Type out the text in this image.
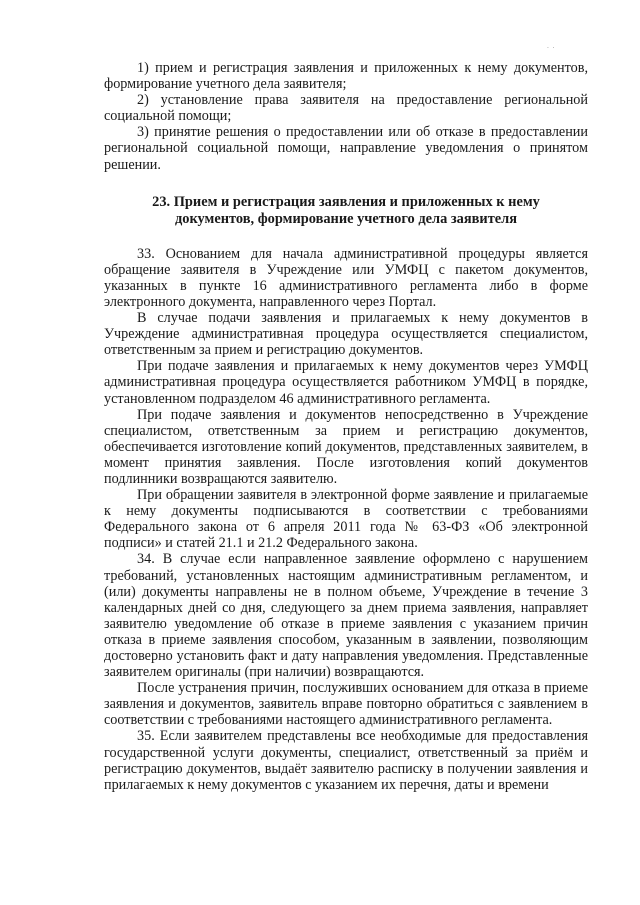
·  ·

1) прием и регистрация заявления и приложенных к нему документов, формирование учетного дела заявителя;

2) установление права заявителя на предоставление региональной социальной помощи;

3) принятие решения о предоставлении или об отказе в предоставлении региональной социальной помощи, направление уведомления о принятом решении.

23. Прием и регистрация заявления и приложенных к нему
документов, формирование учетного дела заявителя

33. Основанием для начала административной процедуры является обращение заявителя в Учреждение или УМФЦ с пакетом документов, указанных в пункте 16 административного регламента либо в форме электронного документа, направленного через Портал.

В случае подачи заявления и прилагаемых к нему документов в Учреждение административная процедура осуществляется специалистом, ответственным за прием и регистрацию документов.

При подаче заявления и прилагаемых к нему документов через УМФЦ административная процедура осуществляется работником УМФЦ в порядке, установленном подразделом 46 административного регламента.

При подаче заявления и документов непосредственно в Учреждение специалистом, ответственным за прием и регистрацию документов, обеспечивается изготовление копий документов, представленных заявителем, в момент принятия заявления. После изготовления копий документов подлинники возвращаются заявителю.

При обращении заявителя в электронной форме заявление и прилагаемые к нему документы подписываются в соответствии с требованиями Федерального закона от 6 апреля 2011 года № 63-ФЗ «Об электронной подписи» и статей 21.1 и 21.2 Федерального закона.

34. В случае если направленное заявление оформлено с нарушением требований, установленных настоящим административным регламентом, и (или) документы направлены не в полном объеме, Учреждение в течение 3 календарных дней со дня, следующего за днем приема заявления, направляет заявителю уведомление об отказе в приеме заявления с указанием причин отказа в приеме заявления способом, указанным в заявлении, позволяющим достоверно установить факт и дату направления уведомления. Представленные заявителем оригиналы (при наличии) возвращаются.

После устранения причин, послуживших основанием для отказа в приеме заявления и документов, заявитель вправе повторно обратиться с заявлением в соответствии с требованиями настоящего административного регламента.

35. Если заявителем представлены все необходимые для предоставления государственной услуги документы, специалист, ответственный за приём и регистрацию документов, выдаёт заявителю расписку в получении заявления и прилагаемых к нему документов с указанием их перечня, даты и времени
